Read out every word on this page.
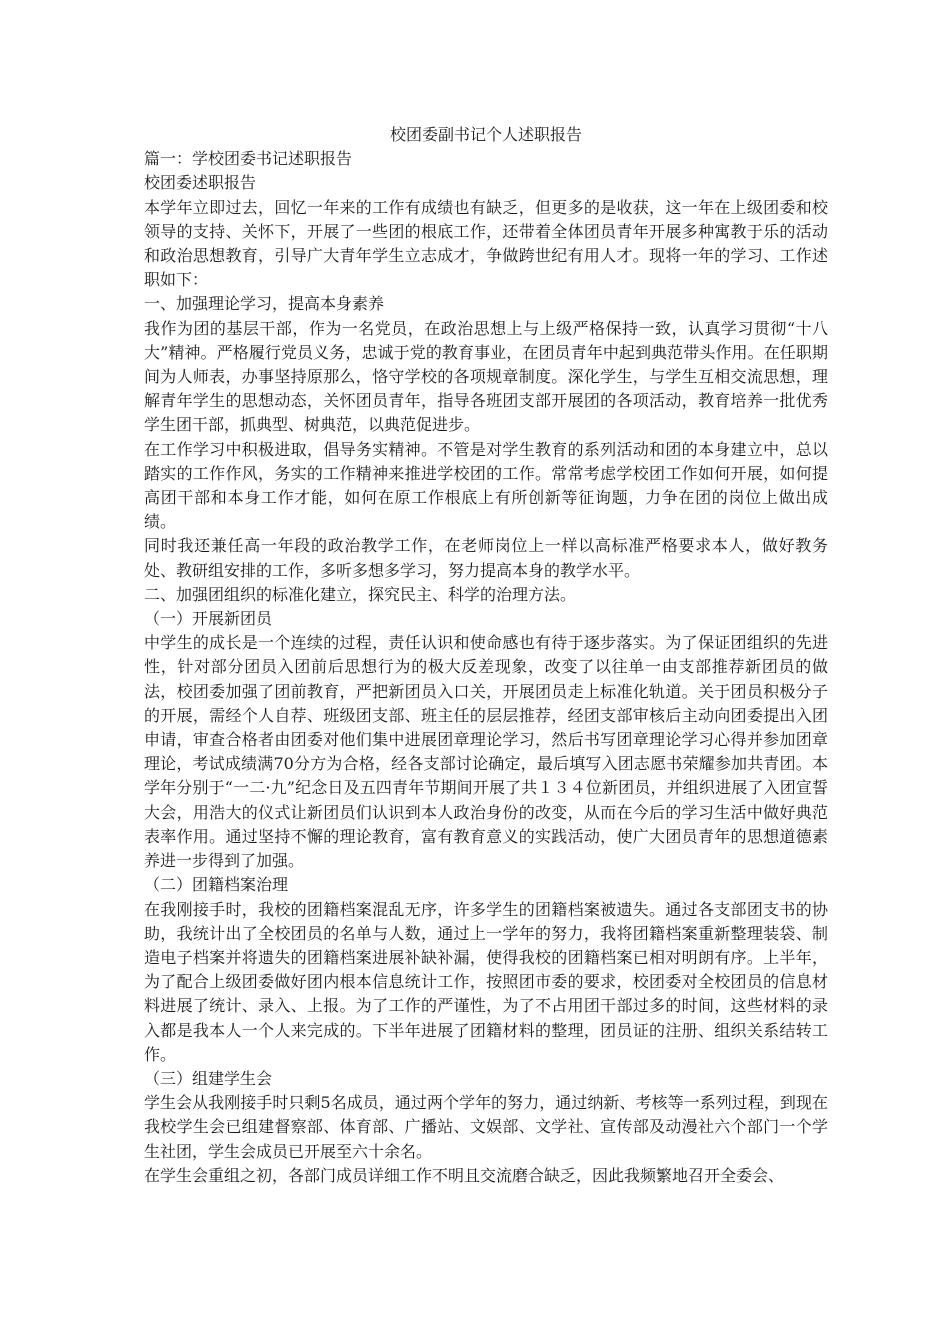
校团委副书记个人述职报告

篇一：学校团委书记述职报告

校团委述职报告

本学年立即过去，回忆一年来的工作有成绩也有缺乏，但更多的是收获，这一年在上级团委和校领导的支持、关怀下，开展了一些团的根底工作，还带着全体团员青年开展多种寓教于乐的活动和政治思想教育，引导广大青年学生立志成才，争做跨世纪有用人才。现将一年的学习、工作述职如下：

一、加强理论学习，提高本身素养

我作为团的基层干部，作为一名党员，在政治思想上与上级严格保持一致，认真学习贯彻“十八大”精神。严格履行党员义务，忠诚于党的教育事业，在团员青年中起到典范带头作用。在任职期间为人师表，办事坚持原那么，恪守学校的各项规章制度。深化学生，与学生互相交流思想，理解青年学生的思想动态，关怀团员青年，指导各班团支部开展团的各项活动，教育培养一批优秀学生团干部，抓典型、树典范，以典范促进步。

在工作学习中积极进取，倡导务实精神。不管是对学生教育的系列活动和团的本身建立中，总以踏实的工作作风，务实的工作精神来推进学校团的工作。常常考虑学校团工作如何开展，如何提高团干部和本身工作才能，如何在原工作根底上有所创新等征询题，力争在团的岗位上做出成绩。

同时我还兼任高一年段的政治教学工作，在老师岗位上一样以高标准严格要求本人，做好教务处、教研组安排的工作，多听多想多学习，努力提高本身的教学水平。

二、加强团组织的标准化建立，探究民主、科学的治理方法。

（一）开展新团员

中学生的成长是一个连续的过程，责任认识和使命感也有待于逐步落实。为了保证团组织的先进性，针对部分团员入团前后思想行为的极大反差现象，改变了以往单一由支部推荐新团员的做法，校团委加强了团前教育，严把新团员入口关，开展团员走上标准化轨道。关于团员积极分子的开展，需经个人自荐、班级团支部、班主任的层层推荐，经团支部审核后主动向团委提出入团申请，审查合格者由团委对他们集中进展团章理论学习，然后书写团章理论学习心得并参加团章理论，考试成绩满70分方为合格，经各支部讨论确定，最后填写入团志愿书荣耀参加共青团。本学年分别于“一二·九”纪念日及五四青年节期间开展了共１３４位新团员，并组织进展了入团宣誓大会，用浩大的仪式让新团员们认识到本人政治身份的改变，从而在今后的学习生活中做好典范表率作用。通过坚持不懈的理论教育，富有教育意义的实践活动，使广大团员青年的思想道德素养进一步得到了加强。

（二）团籍档案治理

在我刚接手时，我校的团籍档案混乱无序，许多学生的团籍档案被遗失。通过各支部团支书的协助，我统计出了全校团员的名单与人数，通过上一学年的努力，我将团籍档案重新整理装袋、制造电子档案并将遗失的团籍档案进展补缺补漏，使得我校的团籍档案已相对明朗有序。上半年，为了配合上级团委做好团内根本信息统计工作，按照团市委的要求，校团委对全校团员的信息材料进展了统计、录入、上报。为了工作的严谨性，为了不占用团干部过多的时间，这些材料的录入都是我本人一个人来完成的。下半年进展了团籍材料的整理，团员证的注册、组织关系结转工作。

（三）组建学生会

学生会从我刚接手时只剩5名成员，通过两个学年的努力，通过纳新、考核等一系列过程，到现在我校学生会已组建督察部、体育部、广播站、文娱部、文学社、宣传部及动漫社六个部门一个学生社团，学生会成员已开展至六十余名。

在学生会重组之初，各部门成员详细工作不明且交流磨合缺乏，因此我频繁地召开全委会、
